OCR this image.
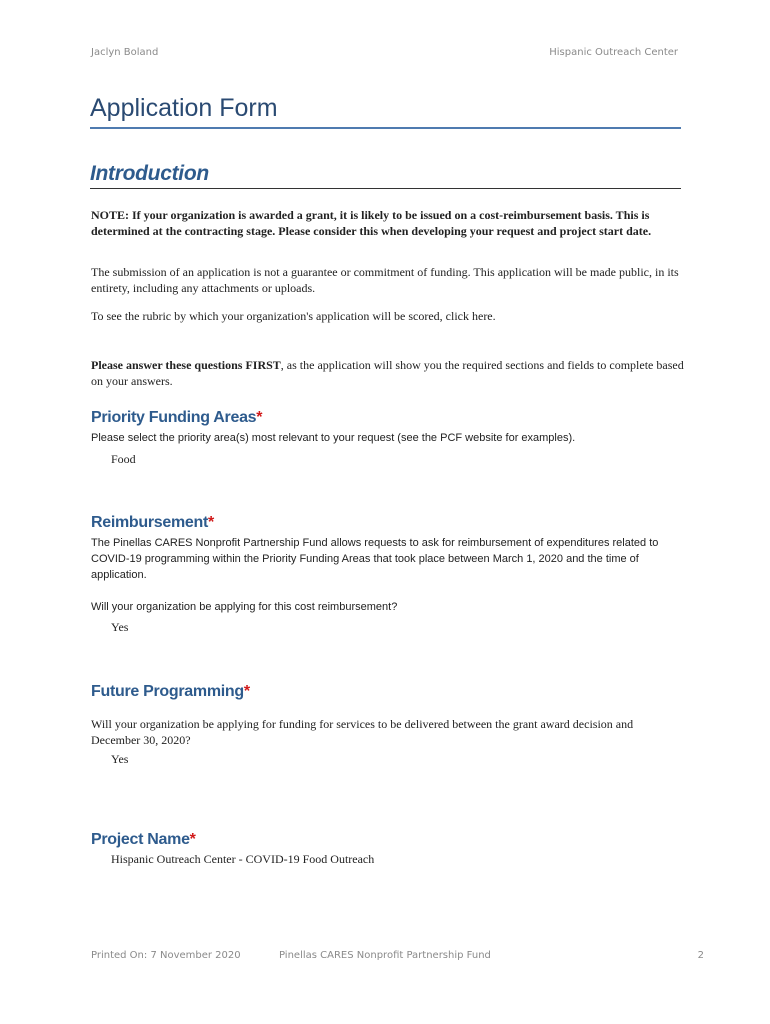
Jaclyn Boland	Hispanic Outreach Center
Application Form
Introduction

NOTE: If your organization is awarded a grant, it is likely to be issued on a cost-reimbursement basis. This is determined at the contracting stage. Please consider this when developing your request and project start date.

The submission of an application is not a guarantee or commitment of funding. This application will be made public, in its entirety, including any attachments or uploads.

To see the rubric by which your organization's application will be scored, click here.

Please answer these questions FIRST, as the application will show you the required sections and fields to complete based on your answers.

Priority Funding Areas*

Please select the priority area(s) most relevant to your request (see the PCF website for examples).

Food

Reimbursement*

The Pinellas CARES Nonprofit Partnership Fund allows requests to ask for reimbursement of expenditures related to COVID-19 programming within the Priority Funding Areas that took place between March 1, 2020 and the time of application.

Will your organization be applying for this cost reimbursement?

Yes

Future Programming*

Will your organization be applying for funding for services to be delivered between the grant award decision and December 30, 2020?

Yes

Project Name*

Hispanic Outreach Center - COVID-19 Food Outreach

Printed On: 7 November 2020	Pinellas CARES Nonprofit Partnership Fund	2
